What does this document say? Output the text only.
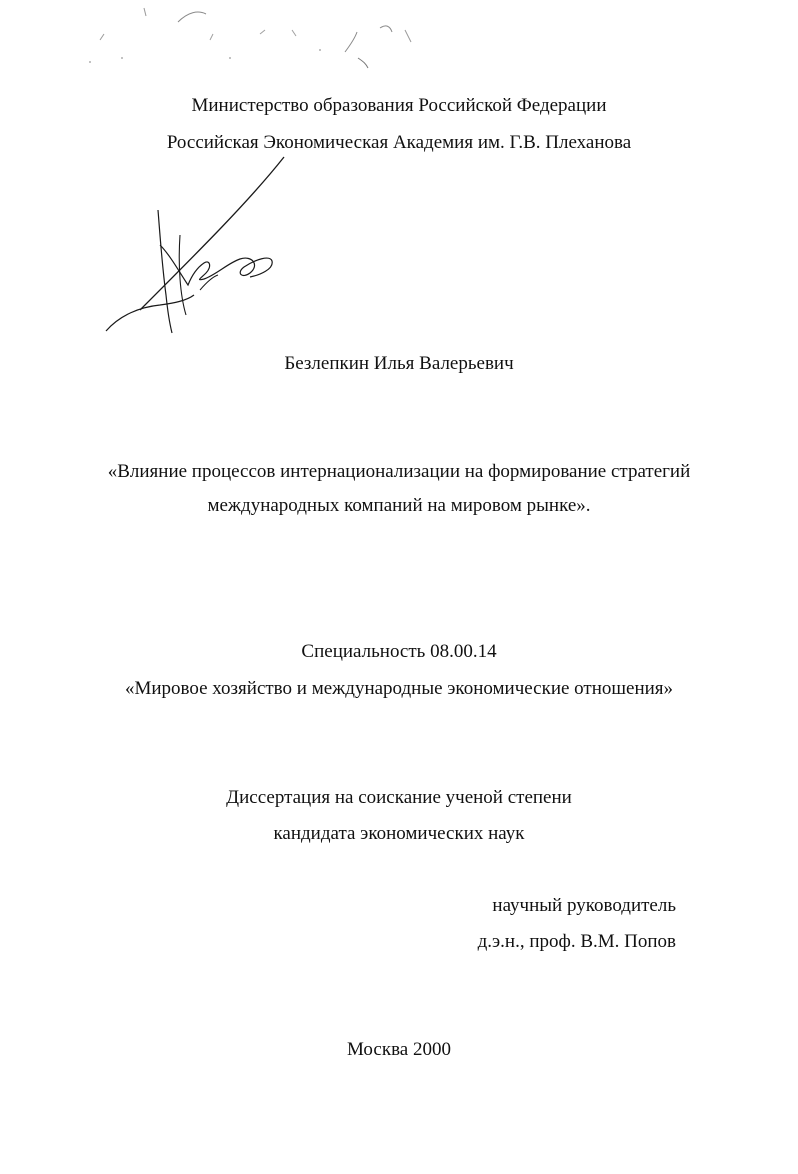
Министерство образования Российской Федерации
Российская Экономическая Академия им. Г.В. Плеханова
Безлепкин Илья Валерьевич
«Влияние процессов интернационализации на формирование стратегий
международных компаний на мировом рынке».
Специальность 08.00.14
«Мировое хозяйство и международные экономические отношения»
Диссертация на соискание ученой степени
кандидата экономических наук
научный руководитель
д.э.н., проф. В.М. Попов
Москва 2000
